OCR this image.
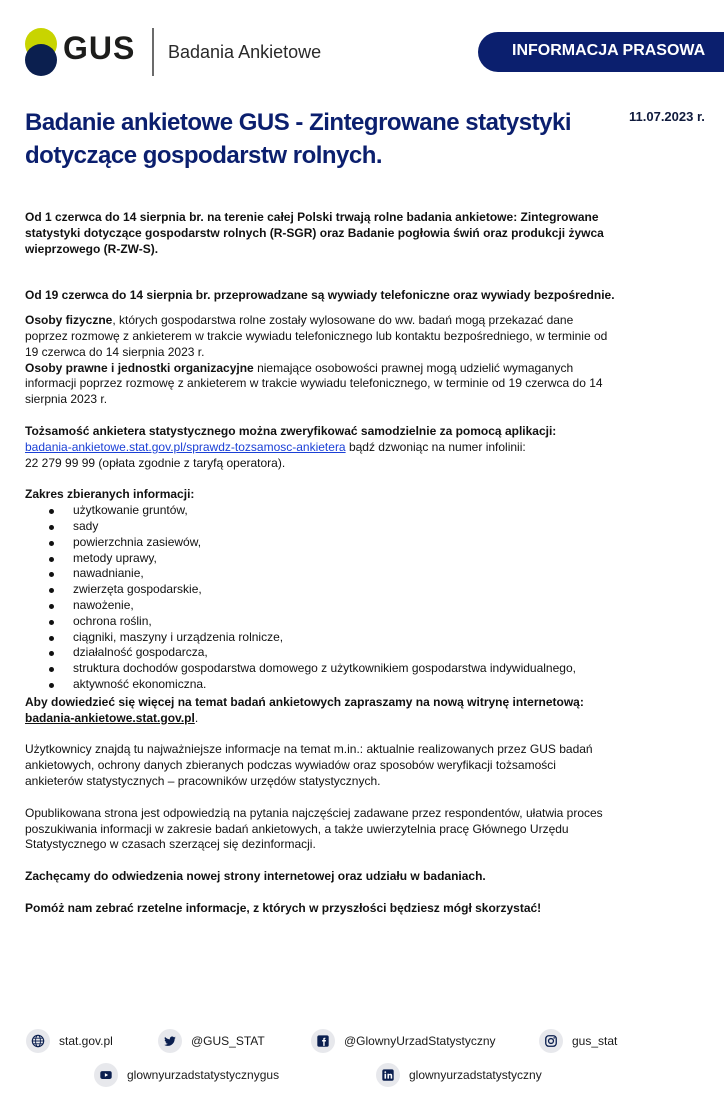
GUS Badania Ankietowe	INFORMACJA PRASOWA
11.07.2023 r.
Badanie ankietowe GUS - Zintegrowane statystyki dotyczące gospodarstw rolnych.

Od 1 czerwca do 14 sierpnia br. na terenie całej Polski trwają rolne badania ankietowe: Zintegrowane statystyki dotyczące gospodarstw rolnych (R-SGR) oraz Badanie pogłowia świń oraz produkcji żywca wieprzowego (R-ZW-S).

Od 19 czerwca do 14 sierpnia br. przeprowadzane są wywiady telefoniczne oraz wywiady bezpośrednie.

Osoby fizyczne, których gospodarstwa rolne zostały wylosowane do ww. badań mogą przekazać dane poprzez rozmowę z ankieterem w trakcie wywiadu telefonicznego lub kontaktu bezpośredniego, w terminie od 19 czerwca do 14 sierpnia 2023 r.

Osoby prawne i jednostki organizacyjne niemające osobowości prawnej mogą udzielić wymaganych informacji poprzez rozmowę z ankieterem w trakcie wywiadu telefonicznego, w terminie od 19 czerwca do 14 sierpnia 2023 r.

Tożsamość ankietera statystycznego można zweryfikować samodzielnie za pomocą aplikacji:
badania-ankietowe.stat.gov.pl/sprawdz-tozsamosc-ankietera bądź dzwoniąc na numer infolinii:
22 279 99 99 (opłata zgodnie z taryfą operatora).

Zakres zbieranych informacji:

użytkowanie gruntów,
sady
powierzchnia zasiewów,
metody uprawy,
nawadnianie,
zwierzęta gospodarskie,
nawożenie,
ochrona roślin,
ciągniki, maszyny i urządzenia rolnicze,
działalność gospodarcza,
struktura dochodów gospodarstwa domowego z użytkownikiem gospodarstwa indywidualnego,
aktywność ekonomiczna.

Aby dowiedzieć się więcej na temat badań ankietowych zapraszamy na nową witrynę internetową:
badania-ankietowe.stat.gov.pl.

Użytkownicy znajdą tu najważniejsze informacje na temat m.in.: aktualnie realizowanych przez GUS badań ankietowych, ochrony danych zbieranych podczas wywiadów oraz sposobów weryfikacji tożsamości ankieterów statystycznych – pracowników urzędów statystycznych.

Opublikowana strona jest odpowiedzią na pytania najczęściej zadawane przez respondentów, ułatwia proces poszukiwania informacji w zakresie badań ankietowych, a także uwierzytelnia pracę Głównego Urzędu Statystycznego w czasach szerzącej się dezinformacji.

Zachęcamy do odwiedzenia nowej strony internetowej oraz udziału w badaniach.

Pomóż nam zebrać rzetelne informacje, z których w przyszłości będziesz mógł skorzystać!

stat.gov.pl	@GUS_STAT	@GlownyUrzadStatystyczny	gus_stat
glownyurzadstatystycznygus	glownyurzadstatystyczny
